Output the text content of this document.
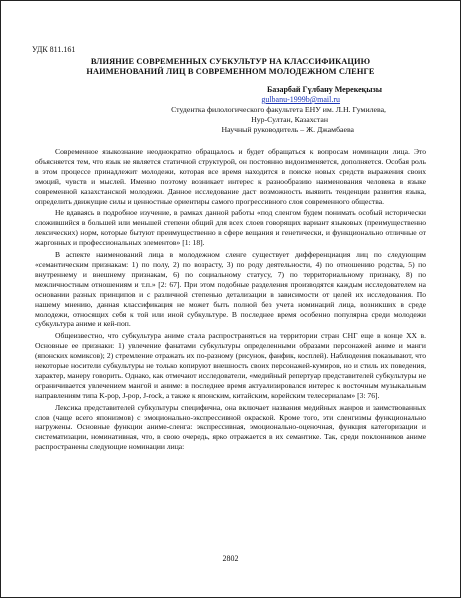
УДК 811.161

ВЛИЯНИЕ СОВРЕМЕННЫХ СУБКУЛЬТУР НА КЛАССИФИКАЦИЮ
НАИМЕНОВАНИЙ ЛИЦ В СОВРЕМЕННОМ МОЛОДЕЖНОМ СЛЕНГЕ

Базарбай Гүлбану Мерекеқызы

gulbanu-1999b@mail.ru

Студентка филологического факультета ЕНУ им. Л.Н. Гумилева,

Нур-Султан, Казахстан

Научный руководитель – Ж. Джамбаева

Современное языкознание неоднократно обращалось и будет обращаться к вопросам номинации лица. Это объясняется тем, что язык не является статичной структурой, он постоянно видоизменяется, дополняется. Особая роль в этом процессе принадлежит молодежи, которая все время находится в поиске новых средств выражения своих эмоций, чувств и мыслей. Именно поэтому возникает интерес к разнообразию наименования человека в языке современной казахстанской молодежи. Данное исследование даст возможность выявить тенденции развития языка, определить движущие силы и ценностные ориентиры самого прогрессивного слоя современного общества.

Не вдаваясь в подробное изучение, в рамках данной работы «под сленгом будем понимать особый исторически сложившийся в большей или меньшей степени общий для всех слоев говорящих вариант языковых (преимущественно лексических) норм, которые бытуют преимущественно в сфере вещания и генетически, и функционально отличные от жаргонных и профессиональных элементов» [1: 18].

В аспекте наименований лица в молодежном сленге существует дифференциация лиц по следующим «семантическим признакам: 1) по полу, 2) по возрасту, 3) по роду деятельности, 4) по отношению родства, 5) по внутреннему и внешнему признакам, 6) по социальному статусу, 7) по территориальному признаку, 8) по межличностным отношениям и т.п.» [2: 67]. При этом подобные разделения производятся каждым исследователем на основании разных принципов и с различной степенью детализации в зависимости от целей их исследования. По нашему мнению, данная классификация не может быть полной без учета номинаций лица, возникших в среде молодежи, относящих себя к той или иной субкультуре. В последнее время особенно популярна среди молодежи субкультура аниме и кей-поп.

Общеизвестно, что субкультура аниме стала распространяться на территории стран СНГ еще в конце XX в. Основные ее признаки: 1) увлечение фанатами субкультуры определенными образами персонажей аниме и манги (японских комиксов); 2) стремление отражать их по-разному (рисунок, фанфик, косплей). Наблюдения показывают, что некоторые носители субкультуры не только копируют внешность своих персонажей-кумиров, но и стиль их поведения, характер, манеру говорить. Однако, как отмечают исследователи, «медийный репертуар представителей субкультуры не ограничивается увлечением мангой и аниме: в последнее время актуализировался интерес к восточным музыкальным направлениям типа K-pop, J-pop, J-rock, а также к японским, китайским, корейским телесериалам» [3: 76].

Лексика представителей субкультуры специфична, она включает названия медийных жанров и заимствованных слов (чаще всего японизмов) с эмоционально-экспрессивной окраской. Кроме того, эти сленгизмы функционально нагружены. Основные функции аниме-сленга: экспрессивная, эмоционально-оценочная, функция категоризации и систематизации, номинативная, что, в свою очередь, ярко отражается в их семантике. Так, среди поклонников аниме распространены следующие номинации лица:

2802
